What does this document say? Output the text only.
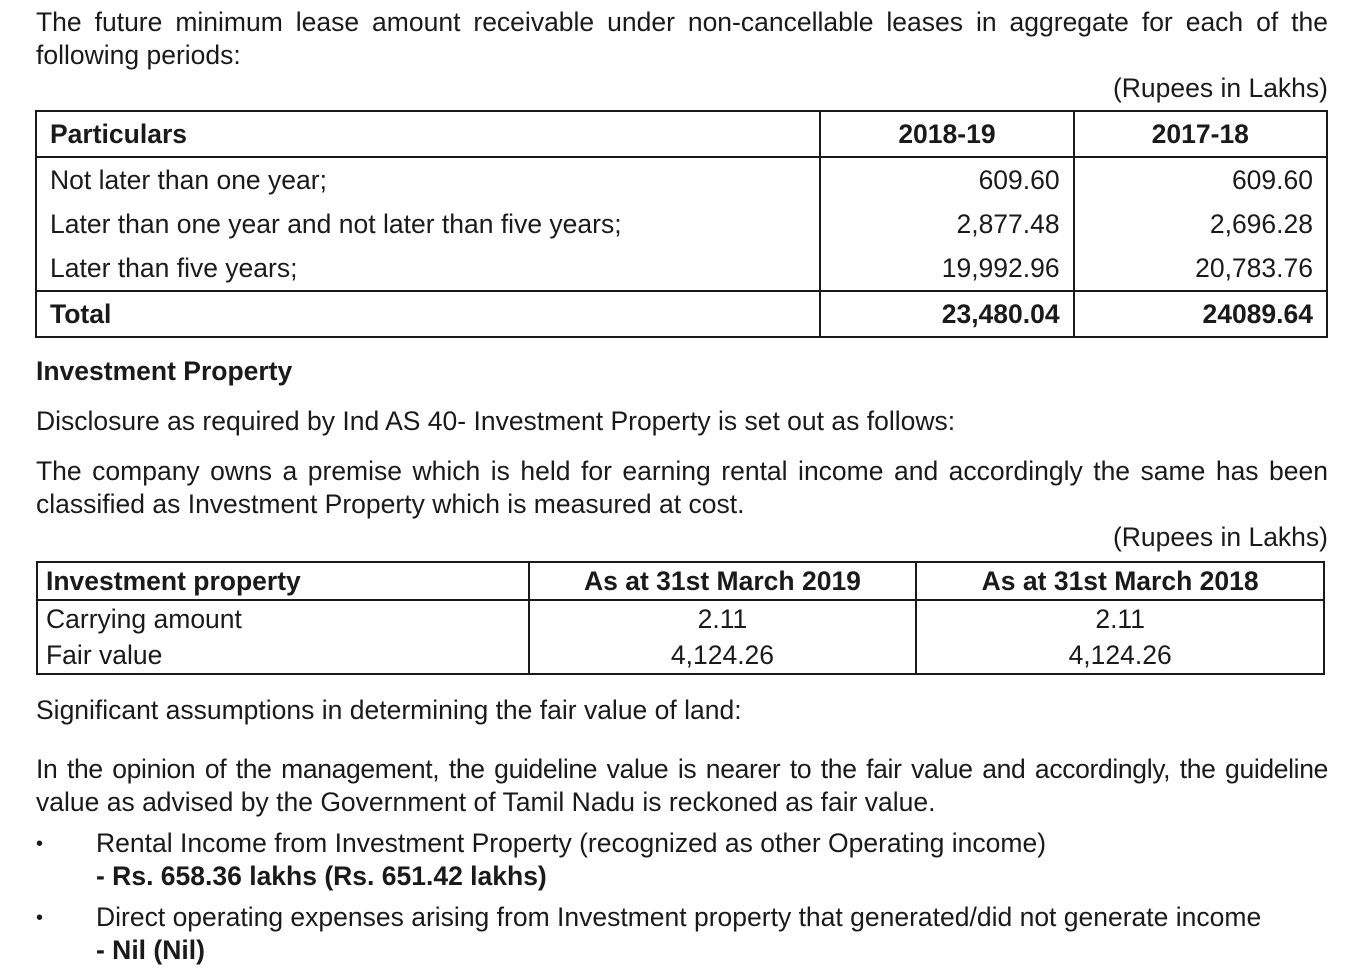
The future minimum lease amount receivable under non-cancellable leases in aggregate for each of the
following periods:

(Rupees in Lakhs)
Particulars	2018-19	2017-18
Not later than one year;	609.60	609.60
Later than one year and not later than five years;	2,877.48	2,696.28
Later than five years;	19,992.96	20,783.76
Total	23,480.04	24089.64
Investment Property
Disclosure as required by Ind AS 40- Investment Property is set out as follows:

The company owns a premise which is held for earning rental income and accordingly the same has been
classified as Investment Property which is measured at cost.

(Rupees in Lakhs)
Investment property	As at 31st March 2019	As at 31st March 2018
Carrying amount	2.11	2.11
Fair value	4,124.26	4,124.26
Significant assumptions in determining the fair value of land:

In the opinion of the management, the guideline value is nearer to the fair value and accordingly, the guideline
value as advised by the Government of Tamil Nadu is reckoned as fair value.

• Rental Income from Investment Property (recognized as other Operating income)
- Rs. 658.36 lakhs (Rs. 651.42 lakhs)
• Direct operating expenses arising from Investment property that generated/did not generate income
- Nil (Nil)
